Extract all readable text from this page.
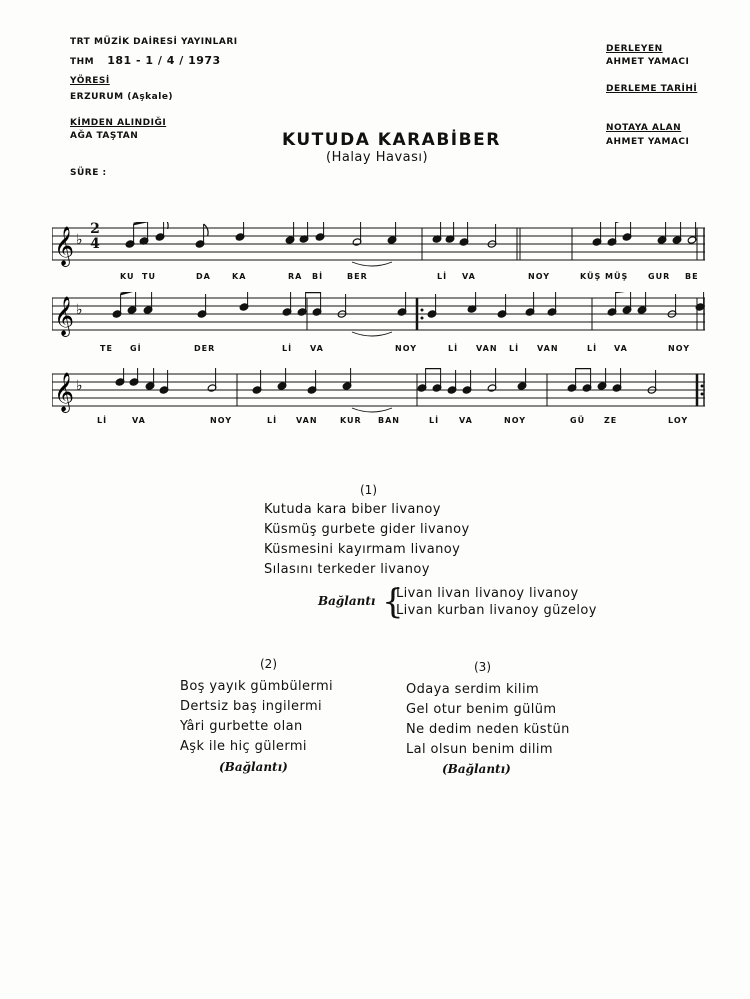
TRT MÜZİK DAİRESİ YAYINLARI
THM 181 - 1 / 4 / 1973
YÖRESİ
ERZURUM (Aşkale)
KİMDEN ALINDIĞI
AĞA TAŞTAN
SÜRE :
DERLEYEN
AHMET YAMACI
DERLEME TARİHİ
NOTAYA ALAN
AHMET YAMACI
KUTUDA KARABİBER
(Halay Havası)
𝄞 ♭
𝄞 ♭
𝄞 ♭
2
4
KU TU	DA	KA	RA Bİ	BER	Lİ VA	NOY	KÜŞ MÜŞ GUR BE
TE Gİ	DER	Lİ VA	NOY	Lİ VAN Lİ VAN	Lİ VA	NOY
Lİ	VA	NOY	Lİ VAN	KUR BAN	Lİ VA	NOY	GÜ ZE	LOY
(1)
Kutuda kara biber livanoy
Küsmüş gurbete gider livanoy
Küsmesini kayırmam livanoy
Sılasını terkeder livanoy
Bağlantı {
Livan livan livanoy livanoy
Livan kurban livanoy güzeloy
(2)
Boş yayık gümbülermi
Dertsiz baş ingilermi
Yâri gurbette olan
Aşk ile hiç gülermi
(Bağlantı)
(3)
Odaya serdim kilim
Gel otur benim gülüm
Ne dedim neden küstün
Lal olsun benim dilim
(Bağlantı)
